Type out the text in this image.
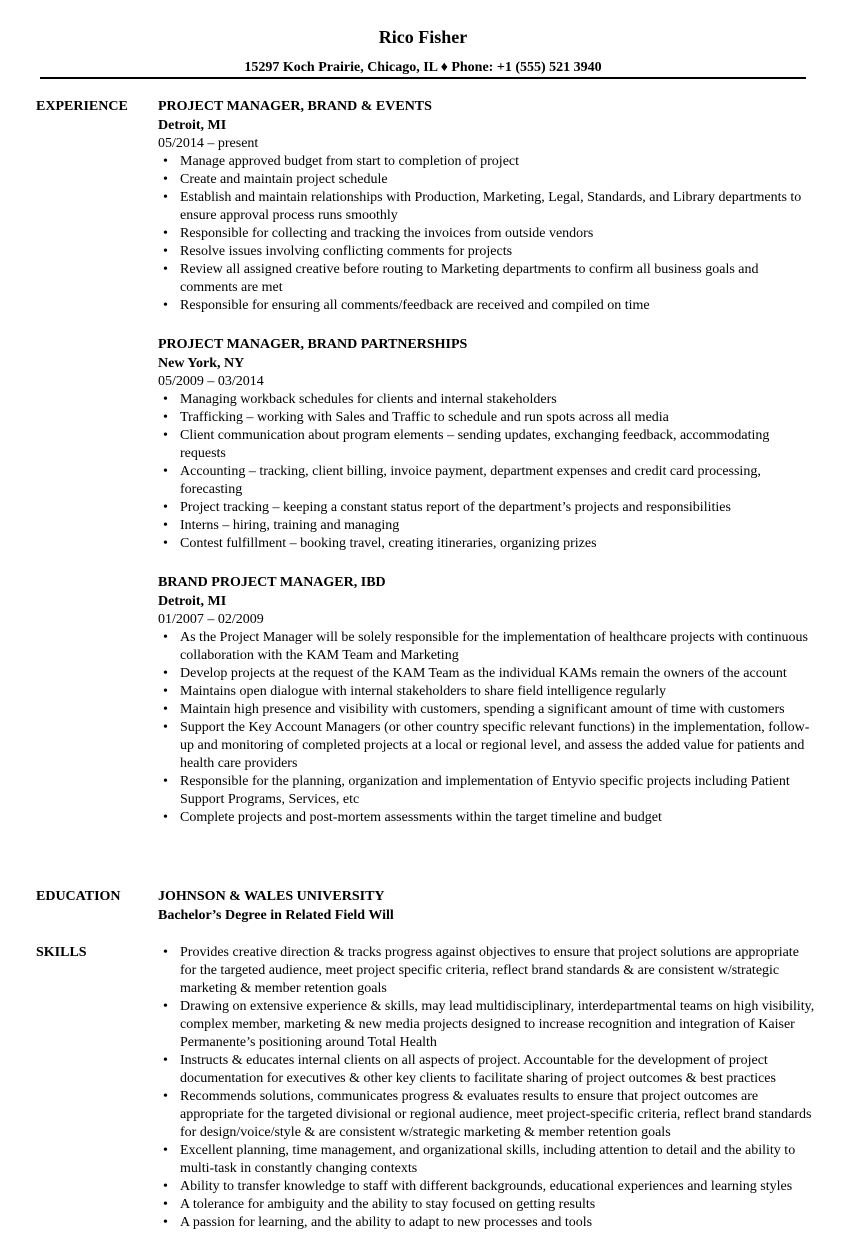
Rico Fisher
15297 Koch Prairie, Chicago, IL ♦ Phone: +1 (555) 521 3940
EXPERIENCE	PROJECT MANAGER, BRAND & EVENTS
Detroit, MI
05/2014 – present
• Manage approved budget from start to completion of project
• Create and maintain project schedule
• Establish and maintain relationships with Production, Marketing, Legal, Standards, and Library departments to ensure approval process runs smoothly
• Responsible for collecting and tracking the invoices from outside vendors
• Resolve issues involving conflicting comments for projects
• Review all assigned creative before routing to Marketing departments to confirm all business goals and comments are met
• Responsible for ensuring all comments/feedback are received and compiled on time
PROJECT MANAGER, BRAND PARTNERSHIPS
New York, NY
05/2009 – 03/2014
• Managing workback schedules for clients and internal stakeholders
• Trafficking – working with Sales and Traffic to schedule and run spots across all media
• Client communication about program elements – sending updates, exchanging feedback, accommodating requests
• Accounting – tracking, client billing, invoice payment, department expenses and credit card processing, forecasting
• Project tracking – keeping a constant status report of the department’s projects and responsibilities
• Interns – hiring, training and managing
• Contest fulfillment – booking travel, creating itineraries, organizing prizes
BRAND PROJECT MANAGER, IBD
Detroit, MI
01/2007 – 02/2009
• As the Project Manager will be solely responsible for the implementation of healthcare projects with continuous collaboration with the KAM Team and Marketing
• Develop projects at the request of the KAM Team as the individual KAMs remain the owners of the account
• Maintains open dialogue with internal stakeholders to share field intelligence regularly
• Maintain high presence and visibility with customers, spending a significant amount of time with customers
• Support the Key Account Managers (or other country specific relevant functions) in the implementation, follow-up and monitoring of completed projects at a local or regional level, and assess the added value for patients and health care providers
• Responsible for the planning, organization and implementation of Entyvio specific projects including Patient Support Programs, Services, etc
• Complete projects and post-mortem assessments within the target timeline and budget
EDUCATION	JOHNSON & WALES UNIVERSITY
Bachelor’s Degree in Related Field Will
SKILLS
•	Provides creative direction & tracks progress against objectives to ensure that project solutions are appropriate for the targeted audience, meet project specific criteria, reflect brand standards & are consistent w/strategic marketing & member retention goals
• Drawing on extensive experience & skills, may lead multidisciplinary, interdepartmental teams on high visibility, complex member, marketing & new media projects designed to increase recognition and integration of Kaiser Permanente’s positioning around Total Health
• Instructs & educates internal clients on all aspects of project. Accountable for the development of project documentation for executives & other key clients to facilitate sharing of project outcomes & best practices
• Recommends solutions, communicates progress & evaluates results to ensure that project outcomes are appropriate for the targeted divisional or regional audience, meet project-specific criteria, reflect brand standards for design/voice/style & are consistent w/strategic marketing & member retention goals
• Excellent planning, time management, and organizational skills, including attention to detail and the ability to multi-task in constantly changing contexts
• Ability to transfer knowledge to staff with different backgrounds, educational experiences and learning styles
• A tolerance for ambiguity and the ability to stay focused on getting results
• A passion for learning, and the ability to adapt to new processes and tools
